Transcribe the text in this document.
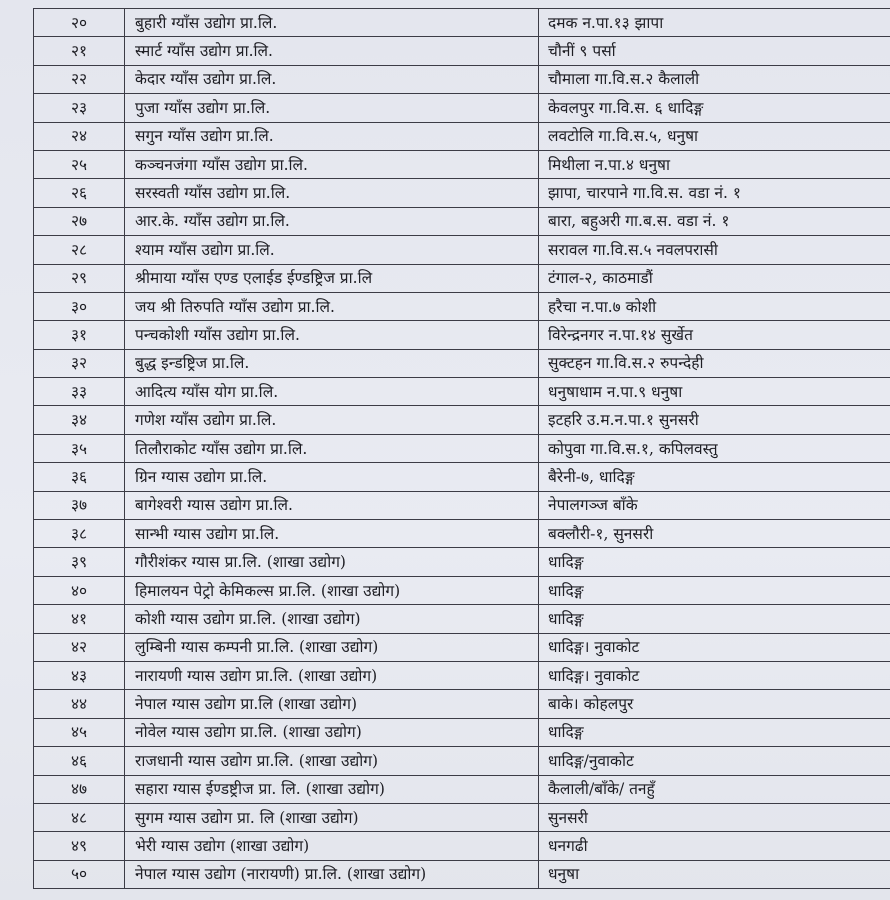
२०	बुहारी ग्याँस उद्योग प्रा.लि.	दमक न.पा.१३ झापा
२१	स्मार्ट ग्याँस उद्योग प्रा.लि.	चौनीं ९ पर्सा
२२	केदार ग्याँस उद्योग प्रा.लि.	चौमाला गा.वि.स.२ कैलाली
२३	पुजा ग्याँस उद्योग प्रा.लि.	केवलपुर गा.वि.स. ६ धादिङ्ग
२४	सगुन ग्याँस उद्योग प्रा.लि.	लवटोलि गा.वि.स.५, धनुषा
२५	कञ्चनजंगा ग्याँस उद्योग प्रा.लि.	मिथीला न.पा.४ धनुषा
२६	सरस्वती ग्याँस उद्योग प्रा.लि.	झापा, चारपाने गा.वि.स. वडा नं. १
२७	आर.के. ग्याँस उद्योग प्रा.लि.	बारा, बहुअरी गा.ब.स. वडा नं. १
२८	श्याम ग्याँस उद्योग प्रा.लि.	सरावल गा.वि.स.५ नवलपरासी
२९	श्रीमाया ग्याँस एण्ड एलाईड ईण्डष्ट्रिज प्रा.लि	टंगाल-२, काठमाडौं
३०	जय श्री तिरुपति ग्याँस उद्योग प्रा.लि.	हरैचा न.पा.७ कोशी
३१	पन्चकोशी ग्याँस उद्योग प्रा.लि.	विरेन्द्रनगर न.पा.१४ सुर्खेत
३२	बुद्ध इन्डष्ट्रिज प्रा.लि.	सुक्टहन गा.वि.स.२ रुपन्देही
३३	आदित्य ग्याँस योग प्रा.लि.	धनुषाधाम न.पा.९ धनुषा
३४	गणेश ग्याँस उद्योग प्रा.लि.	इटहरि उ.म.न.पा.१ सुनसरी
३५	तिलौराकोट ग्याँस उद्योग प्रा.लि.	कोपुवा गा.वि.स.१, कपिलवस्तु
३६	ग्रिन ग्यास उद्योग प्रा.लि.	बैरेनी-७, धादिङ्ग
३७	बागेश्वरी ग्यास उद्योग प्रा.लि.	नेपालगञ्ज बाँके
३८	सान्भी ग्यास उद्योग प्रा.लि.	बक्लौरी-१, सुनसरी
३९	गौरीशंकर ग्यास प्रा.लि. (शाखा उद्योग)	धादिङ्ग
४०	हिमालयन पेट्रो केमिकल्स प्रा.लि. (शाखा उद्योग)	धादिङ्ग
४१	कोशी ग्यास उद्योग प्रा.लि. (शाखा उद्योग)	धादिङ्ग
४२	लुम्बिनी ग्यास कम्पनी प्रा.लि. (शाखा उद्योग)	धादिङ्ग। नुवाकोट
४३	नारायणी ग्यास उद्योग प्रा.लि. (शाखा उद्योग)	धादिङ्ग। नुवाकोट
४४	नेपाल ग्यास उद्योग प्रा.लि (शाखा उद्योग)	बाके। कोहलपुर
४५	नोवेल ग्यास उद्योग प्रा.लि. (शाखा उद्योग)	धादिङ्ग
४६	राजधानी ग्यास उद्योग प्रा.लि. (शाखा उद्योग)	धादिङ्ग/नुवाकोट
४७	सहारा ग्यास ईण्डष्ट्रीज प्रा. लि. (शाखा उद्योग)	कैलाली/बाँके/ तनहुँ
४८	सुगम ग्यास उद्योग प्रा. लि (शाखा उद्योग)	सुनसरी
४९	भेरी ग्यास उद्योग (शाखा उद्योग)	धनगढी
५०	नेपाल ग्यास उद्योग (नारायणी) प्रा.लि. (शाखा उद्योग)	धनुषा
